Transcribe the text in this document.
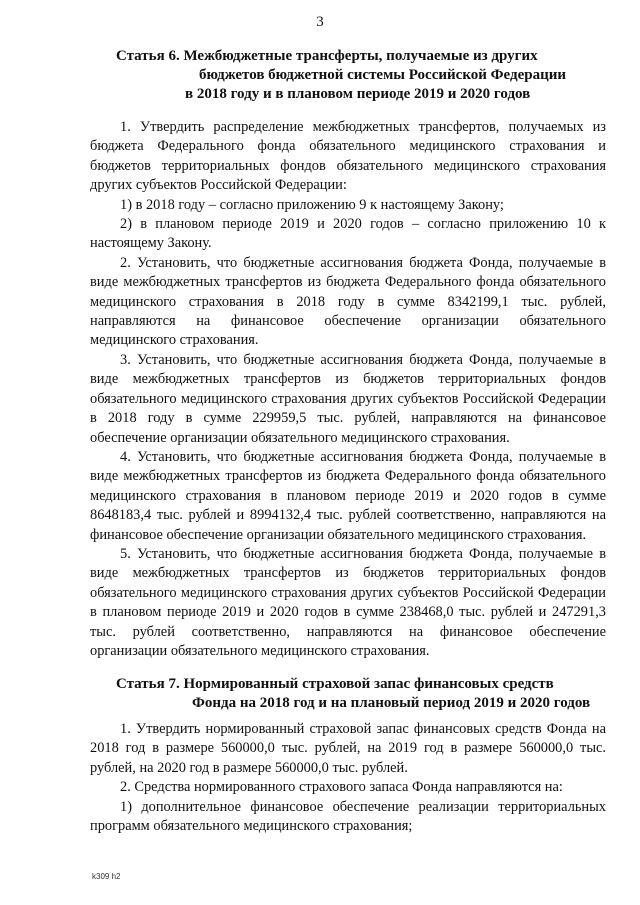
3
Статья 6. Межбюджетные трансферты, получаемые из других
бюджетов бюджетной системы Российской Федерации
в 2018 году и в плановом периоде 2019 и 2020 годов

1. Утвердить распределение межбюджетных трансфертов, получаемых из бюджета Федерального фонда обязательного медицинского страхования и бюджетов территориальных фондов обязательного медицинского страхования других субъектов Российской Федерации:

1) в 2018 году – согласно приложению 9 к настоящему Закону;

2) в плановом периоде 2019 и 2020 годов – согласно приложению 10 к настоящему Закону.

2. Установить, что бюджетные ассигнования бюджета Фонда, получаемые в виде межбюджетных трансфертов из бюджета Федерального фонда обязательного медицинского страхования в 2018 году в сумме 8342199,1 тыс. рублей, направляются на финансовое обеспечение организации обязательного медицинского страхования.

3. Установить, что бюджетные ассигнования бюджета Фонда, получаемые в виде межбюджетных трансфертов из бюджетов территориальных фондов обязательного медицинского страхования других субъектов Российской Федерации в 2018 году в сумме 229959,5 тыс. рублей, направляются на финансовое обеспечение организации обязательного медицинского страхования.

4. Установить, что бюджетные ассигнования бюджета Фонда, получаемые в виде межбюджетных трансфертов из бюджета Федерального фонда обязательного медицинского страхования в плановом периоде 2019 и 2020 годов в сумме 8648183,4 тыс. рублей и 8994132,4 тыс. рублей соответственно, направляются на финансовое обеспечение организации обязательного медицинского страхования.

5. Установить, что бюджетные ассигнования бюджета Фонда, получаемые в виде межбюджетных трансфертов из бюджетов территориальных фондов обязательного медицинского страхования других субъектов Российской Федерации в плановом периоде 2019 и 2020 годов в сумме 238468,0 тыс. рублей и 247291,3 тыс. рублей соответственно, направляются на финансовое обеспечение организации обязательного медицинского страхования.

Статья 7. Нормированный страховой запас финансовых средств
Фонда на 2018 год и на плановый период 2019 и 2020 годов

1. Утвердить нормированный страховой запас финансовых средств Фонда на 2018 год в размере 560000,0 тыс. рублей, на 2019 год в размере 560000,0 тыс. рублей, на 2020 год в размере 560000,0 тыс. рублей.

2. Средства нормированного страхового запаса Фонда направляются на:

1) дополнительное финансовое обеспечение реализации территориальных программ обязательного медицинского страхования;

k309 h2
